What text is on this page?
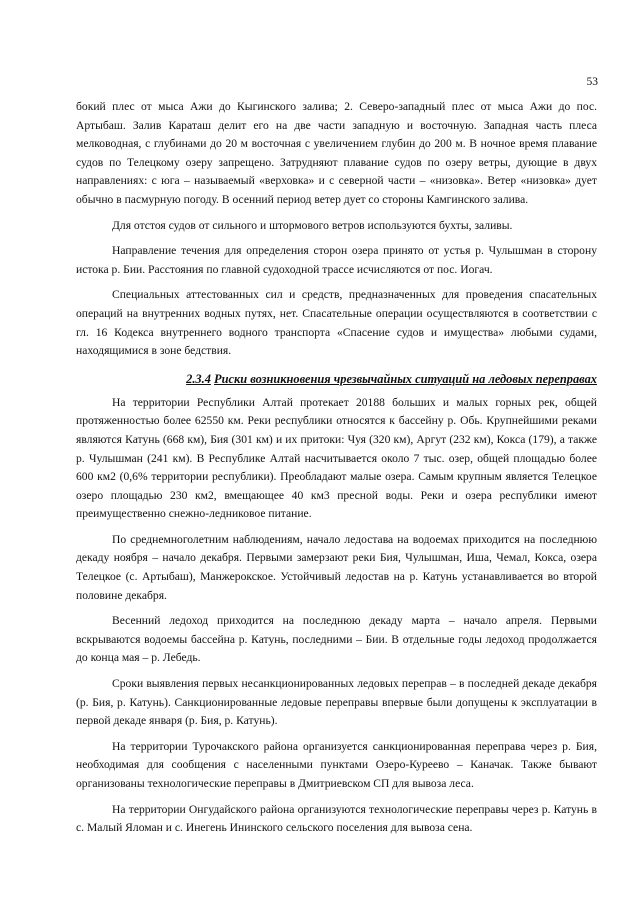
53

бокий плес от мыса Ажи до Кыгинского залива; 2. Северо-западный плес от мыса Ажи до пос. Артыбаш. Залив Караташ делит его на две части западную и восточную. Западная часть плеса мелководная, с глубинами до 20 м восточная с увеличением глубин до 200 м. В ночное время плавание судов по Телецкому озеру запрещено. Затрудняют плавание судов по озеру ветры, дующие в двух направлениях: с юга – называемый «верховка» и с северной части – «низовка». Ветер «низовка» дует обычно в пасмурную погоду. В осенний период ветер дует со стороны Камгинского залива.

Для отстоя судов от сильного и штормового ветров используются бухты, заливы.

Направление течения для определения сторон озера принято от устья р. Чулышман в сторону истока р. Бии. Расстояния по главной судоходной трассе исчисляются от пос. Иогач.

Специальных аттестованных сил и средств, предназначенных для проведения спасательных операций на внутренних водных путях, нет. Спасательные операции осуществляются в соответствии с гл. 16 Кодекса внутреннего водного транспорта «Спасение судов и имущества» любыми судами, находящимися в зоне бедствия.

2.3.4 Риски возникновения чрезвычайных ситуаций на ледовых переправах

На территории Республики Алтай протекает 20188 больших и малых горных рек, общей протяженностью более 62550 км. Реки республики относятся к бассейну р. Обь. Крупнейшими реками являются Катунь (668 км), Бия (301 км) и их притоки: Чуя (320 км), Аргут (232 км), Кокса (179), а также р. Чулышман (241 км). В Республике Алтай насчитывается около 7 тыс. озер, общей площадью более 600 км2 (0,6% территории республики). Преобладают малые озера. Самым крупным является Телецкое озеро площадью 230 км2, вмещающее 40 км3 пресной воды. Реки и озера республики имеют преимущественно снежно-ледниковое питание.

По среднемноголетним наблюдениям, начало ледостава на водоемах приходится на последнюю декаду ноября – начало декабря. Первыми замерзают реки Бия, Чулышман, Иша, Чемал, Кокса, озера Телецкое (с. Артыбаш), Манжерокское. Устойчивый ледостав на р. Катунь устанавливается во второй половине декабря.

Весенний ледоход приходится на последнюю декаду марта – начало апреля. Первыми вскрываются водоемы бассейна р. Катунь, последними – Бии. В отдельные годы ледоход продолжается до конца мая – р. Лебедь.

Сроки выявления первых несанкционированных ледовых переправ – в последней декаде декабря (р. Бия, р. Катунь). Санкционированные ледовые переправы впервые были допущены к эксплуатации в первой декаде января (р. Бия, р. Катунь).

На территории Турочакского района организуется санкционированная переправа через р. Бия, необходимая для сообщения с населенными пунктами Озеро-Куреево – Каначак. Также бывают организованы технологические переправы в Дмитриевском СП для вывоза леса.

На территории Онгудайского района организуются технологические переправы через р. Катунь в с. Малый Яломан и с. Инегень Ининского сельского поселения для вывоза сена.
